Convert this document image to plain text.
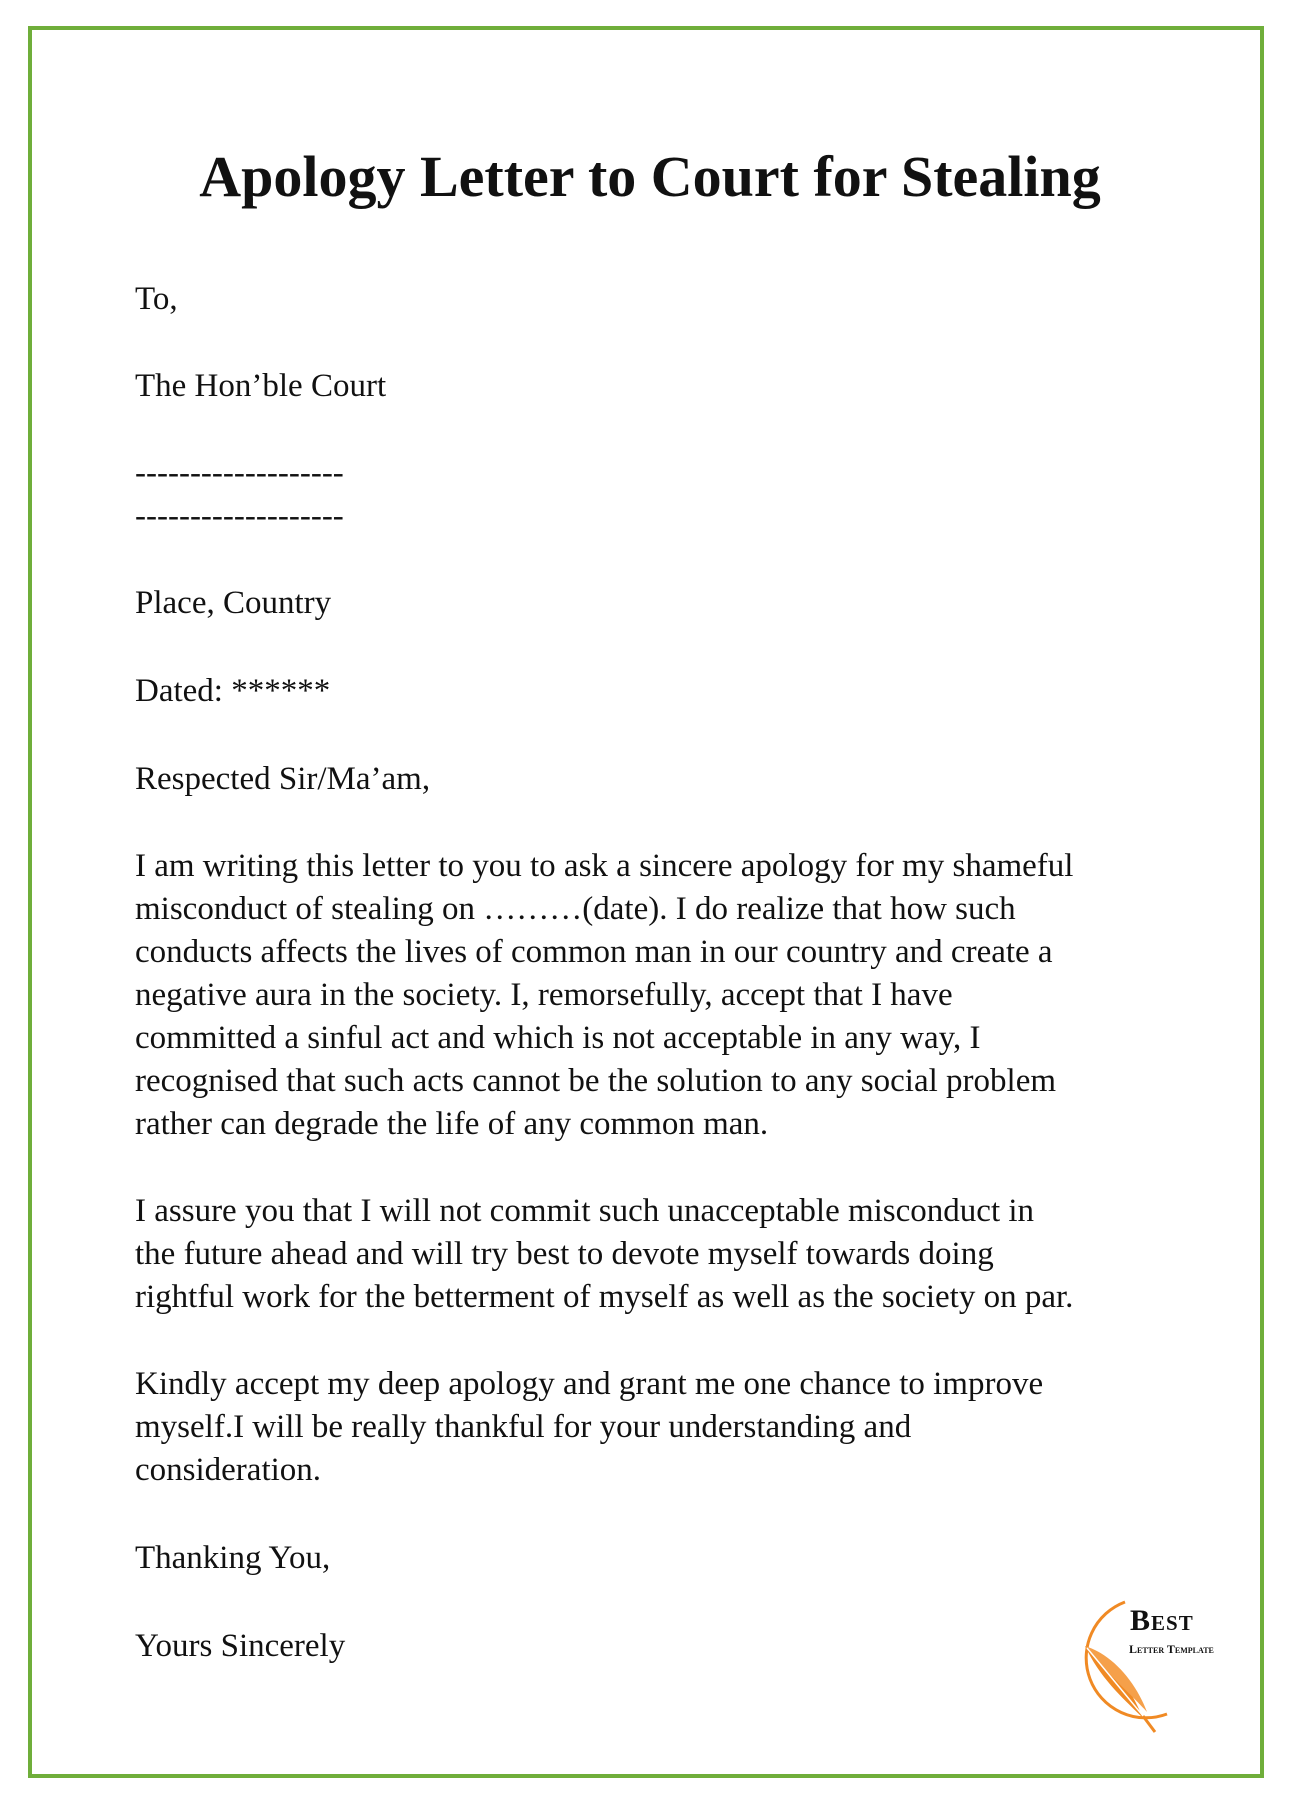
Apology Letter to Court for Stealing

To,

The Hon’ble Court

-------------------

-------------------

Place, Country

Dated: ******

Respected Sir/Ma’am,

I am writing this letter to you to ask a sincere apology for my shameful
misconduct of stealing on ………(date). I do realize that how such
conducts affects the lives of common man in our country and create a
negative aura in the society. I, remorsefully, accept that I have
committed a sinful act and which is not acceptable in any way, I
recognised that such acts cannot be the solution to any social problem
rather can degrade the life of any common man.

I assure you that I will not commit such unacceptable misconduct in
the future ahead and will try best to devote myself towards doing
rightful work for the betterment of myself as well as the society on par.

Kindly accept my deep apology and grant me one chance to improve
myself.I will be really thankful for your understanding and
consideration.

Thanking You,

Yours Sincerely

Best
Letter Template
